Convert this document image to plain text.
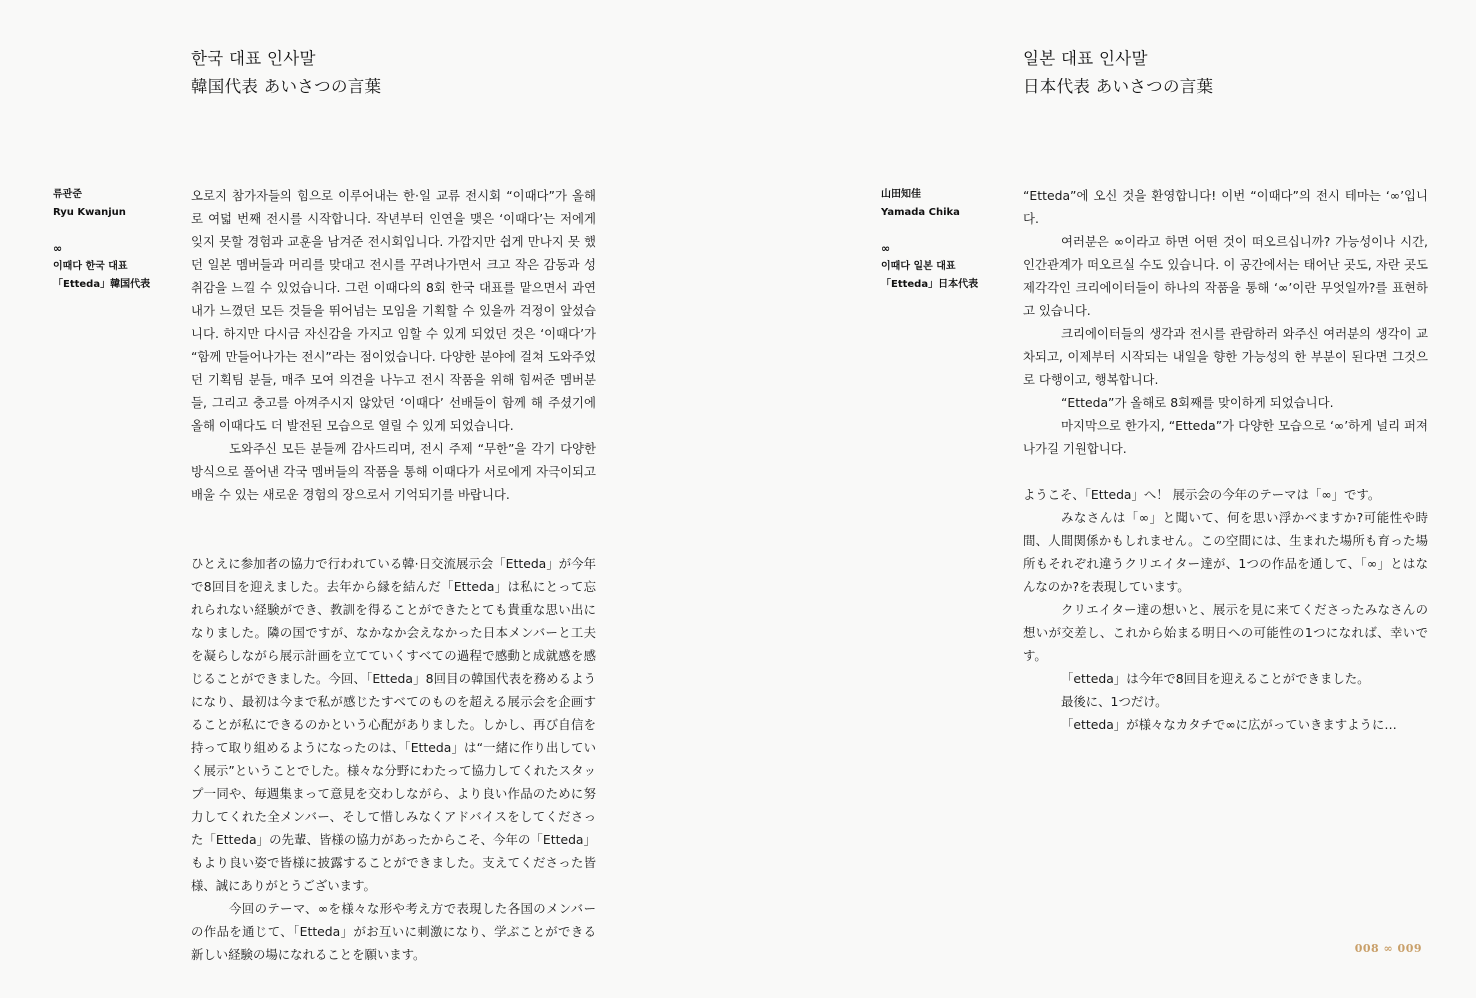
한국 대표 인사말
韓国代表 あいさつの言葉
류관준
Ryu Kwanjun
∞
이때다 한국 대표
「Etteda」韓国代表

오로지 참가자들의 힘으로 이루어내는 한·일 교류 전시회 “이때다”가 올해로 여덟 번째 전시를 시작합니다. 작년부터 인연을 맺은 ‘이때다’는 저에게 잊지 못할 경험과 교훈을 남겨준 전시회입니다. 가깝지만 쉽게 만나지 못 했던 일본 멤버들과 머리를 맞대고 전시를 꾸려나가면서 크고 작은 감동과 성취감을 느낄 수 있었습니다. 그런 이때다의 8회 한국 대표를 맡으면서 과연 내가 느꼈던 모든 것들을 뛰어넘는 모임을 기획할 수 있을까 걱정이 앞섰습니다. 하지만 다시금 자신감을 가지고 임할 수 있게 되었던 것은 ‘이때다’가 “함께 만들어나가는 전시”라는 점이었습니다. 다양한 분야에 걸쳐 도와주었던 기획팀 분들, 매주 모여 의견을 나누고 전시 작품을 위해 힘써준 멤버분들, 그리고 충고를 아껴주시지 않았던 ‘이때다’ 선배들이 함께 해 주셨기에 올해 이때다도 더 발전된 모습으로 열릴 수 있게 되었습니다.

도와주신 모든 분들께 감사드리며, 전시 주제 “무한”을 각기 다양한 방식으로 풀어낸 각국 멤버들의 작품을 통해 이때다가 서로에게 자극이되고 배울 수 있는 새로운 경험의 장으로서 기억되기를 바랍니다.

ひとえに参加者の協力で行われている韓·日交流展示会「Etteda」が今年で8回目を迎えました。去年から縁を結んだ「Etteda」は私にとって忘れられない経験ができ、教訓を得ることができたとても貴重な思い出になりました。隣の国ですが、なかなか会えなかった日本メンバーと工夫を凝らしながら展示計画を立てていくすべての過程で感動と成就感を感じることができました。今回、「Etteda」8回目の韓国代表を務めるようになり、最初は今まで私が感じたすべてのものを超える展示会を企画することが私にできるのかという心配がありました。しかし、再び自信を持って取り組めるようになったのは、「Etteda」は“一緒に作り出していく展示”ということでした。様々な分野にわたって協力してくれたスタップ一同や、毎週集まって意見を交わしながら、より良い作品のために努力してくれた全メンバー、そして惜しみなくアドバイスをしてくださった「Etteda」の先輩、皆様の協力があったからこそ、今年の「Etteda」もより良い姿で皆様に披露することができました。支えてくださった皆様、誠にありがとうございます。

今回のテーマ、∞を様々な形や考え方で表現した各国のメンバーの作品を通じて、「Etteda」がお互いに刺激になり、学ぶことができる新しい経験の場になれることを願います。

일본 대표 인사말
日本代表 あいさつの言葉
山田知佳
Yamada Chika
∞
이때다 일본 대표
「Etteda」日本代表

“Etteda”에 오신 것을 환영합니다! 이번 “이때다”의 전시 테마는 ‘∞’입니다.

여러분은 ∞이라고 하면 어떤 것이 떠오르십니까? 가능성이나 시간, 인간관계가 떠오르실 수도 있습니다. 이 공간에서는 태어난 곳도, 자란 곳도 제각각인 크리에이터들이 하나의 작품을 통해 ‘∞’이란 무엇일까?를 표현하고 있습니다.

크리에이터들의 생각과 전시를 관람하러 와주신 여러분의 생각이 교차되고, 이제부터 시작되는 내일을 향한 가능성의 한 부분이 된다면 그것으로 다행이고, 행복합니다.

“Etteda”가 올해로 8회째를 맞이하게 되었습니다.

마지막으로 한가지, “Etteda”가 다양한 모습으로 ‘∞’하게 널리 퍼져 나가길 기원합니다.

ようこそ、「Etteda」へ！ 展示会の今年のテーマは「∞」です。

みなさんは「∞」と聞いて、何を思い浮かべますか?可能性や時間、人間関係かもしれません。この空間には、生まれた場所も育った場所もそれぞれ違うクリエイター達が、1つの作品を通して、「∞」とはなんなのか?を表現しています。

クリエイター達の想いと、展示を見に来てくださったみなさんの想いが交差し、これから始まる明日への可能性の1つになれば、幸いです。

「etteda」は今年で8回目を迎えることができました。

最後に、1つだけ。

「etteda」が様々なカタチで∞に広がっていきますように…

008 ∞ 009
